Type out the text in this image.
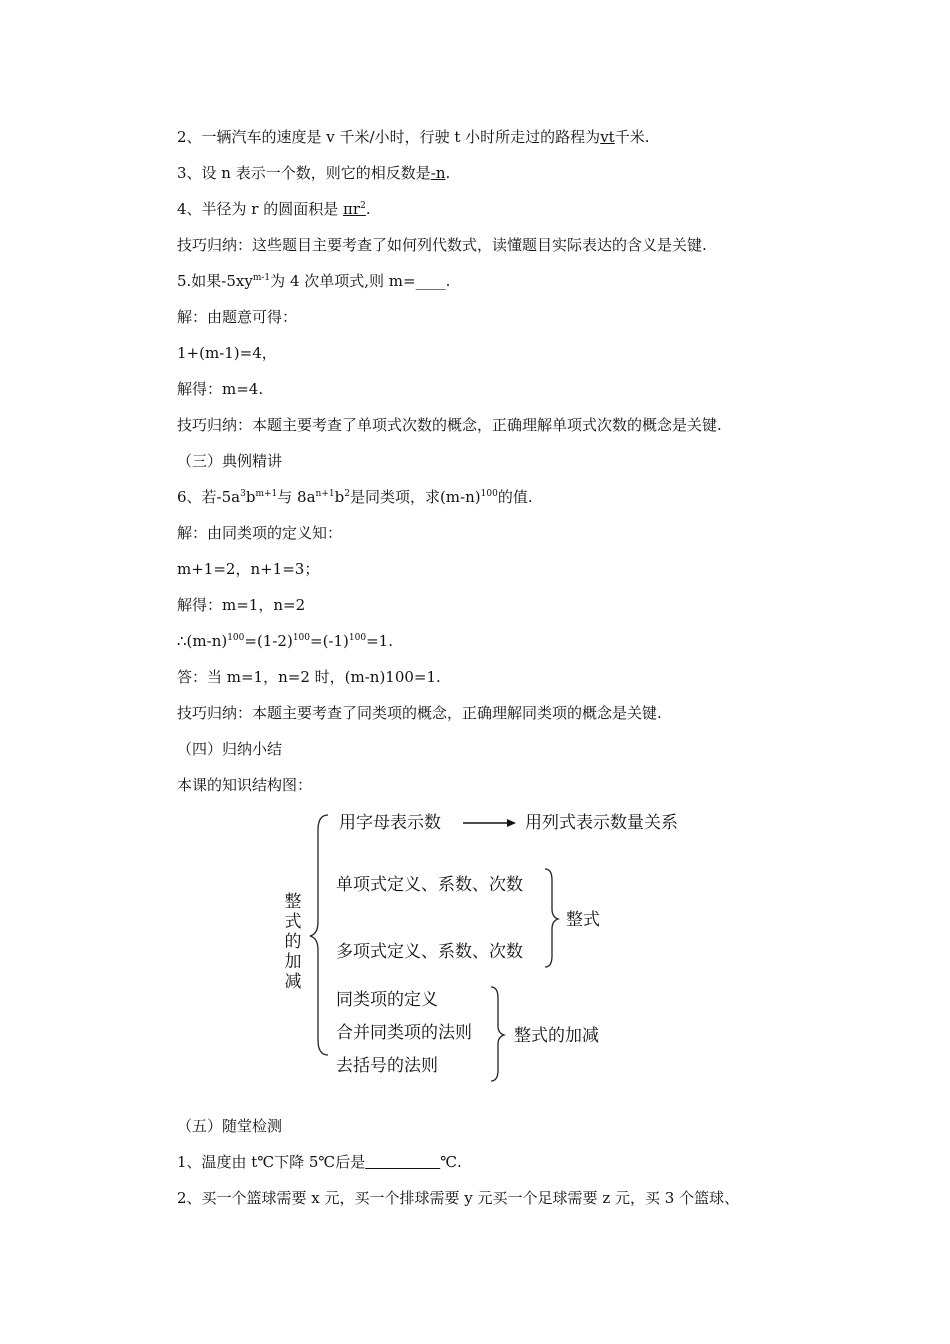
2、一辆汽车的速度是 v 千米/小时，行驶 t 小时所走过的路程为vt千米.
3、设 n 表示一个数，则它的相反数是-n.
4、半径为 r 的圆面积是 $\pi r^2$.
技巧归纳：这些题目主要考查了如何列代数式，读懂题目实际表达的含义是关键.
5.如果$-5xy^{m-1}$为 4 次单项式,则 m=____.
解：由题意可得：
1+(m-1)=4，
解得：m=4.
技巧归纳：本题主要考查了单项式次数的概念，正确理解单项式次数的概念是关键.
（三）典例精讲
6、若$-5a^3b^{m+1}$与 $8a^{n+1}b^2$是同类项，求$(m-n)^{100}$的值.
解：由同类项的定义知：
m+1=2，n+1=3；
解得：m=1，n=2
$\therefore(m-n)^{100}=(1-2)^{100}=(-1)^{100}=1$.
答：当 m=1，n=2 时，(m-n)100=1.
技巧归纳：本题主要考查了同类项的概念，正确理解同类项的概念是关键.
（四）归纳小结
本课的知识结构图：
整
式
的
加
减
用字母表示数	用列式表示数量关系
单项式定义、系数、次数
多项式定义、系数、次数
整式
同类项的定义
合并同类项的法则
去括号的法则
整式的加减
（五）随堂检测
1、温度由 t℃下降 5℃后是　　　　　	℃.
2、买一个篮球需要 x 元，买一个排球需要 y 元买一个足球需要 z 元，买 3 个篮球、
